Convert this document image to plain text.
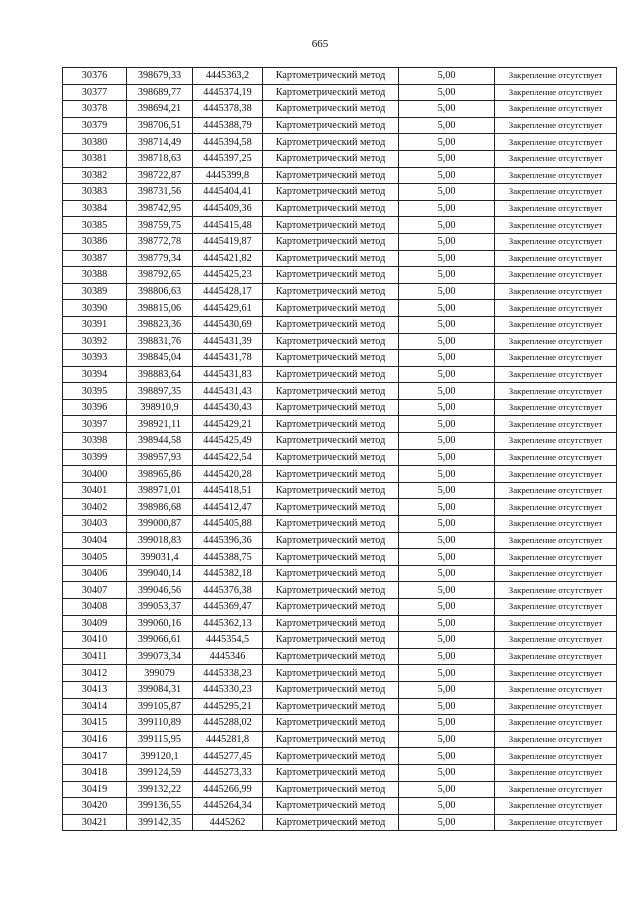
665
30376	398679,33	4445363,2	Картометрический метод	5,00	Закрепление отсутствует
30377	398689,77	4445374,19	Картометрический метод	5,00	Закрепление отсутствует
30378	398694,21	4445378,38	Картометрический метод	5,00	Закрепление отсутствует
30379	398706,51	4445388,79	Картометрический метод	5,00	Закрепление отсутствует
30380	398714,49	4445394,58	Картометрический метод	5,00	Закрепление отсутствует
30381	398718,63	4445397,25	Картометрический метод	5,00	Закрепление отсутствует
30382	398722,87	4445399,8	Картометрический метод	5,00	Закрепление отсутствует
30383	398731,56	4445404,41	Картометрический метод	5,00	Закрепление отсутствует
30384	398742,95	4445409,36	Картометрический метод	5,00	Закрепление отсутствует
30385	398759,75	4445415,48	Картометрический метод	5,00	Закрепление отсутствует
30386	398772,78	4445419,87	Картометрический метод	5,00	Закрепление отсутствует
30387	398779,34	4445421,82	Картометрический метод	5,00	Закрепление отсутствует
30388	398792,65	4445425,23	Картометрический метод	5,00	Закрепление отсутствует
30389	398806,63	4445428,17	Картометрический метод	5,00	Закрепление отсутствует
30390	398815,06	4445429,61	Картометрический метод	5,00	Закрепление отсутствует
30391	398823,36	4445430,69	Картометрический метод	5,00	Закрепление отсутствует
30392	398831,76	4445431,39	Картометрический метод	5,00	Закрепление отсутствует
30393	398845,04	4445431,78	Картометрический метод	5,00	Закрепление отсутствует
30394	398883,64	4445431,83	Картометрический метод	5,00	Закрепление отсутствует
30395	398897,35	4445431,43	Картометрический метод	5,00	Закрепление отсутствует
30396	398910,9	4445430,43	Картометрический метод	5,00	Закрепление отсутствует
30397	398921,11	4445429,21	Картометрический метод	5,00	Закрепление отсутствует
30398	398944,58	4445425,49	Картометрический метод	5,00	Закрепление отсутствует
30399	398957,93	4445422,54	Картометрический метод	5,00	Закрепление отсутствует
30400	398965,86	4445420,28	Картометрический метод	5,00	Закрепление отсутствует
30401	398971,01	4445418,51	Картометрический метод	5,00	Закрепление отсутствует
30402	398986,68	4445412,47	Картометрический метод	5,00	Закрепление отсутствует
30403	399000,87	4445405,88	Картометрический метод	5,00	Закрепление отсутствует
30404	399018,83	4445396,36	Картометрический метод	5,00	Закрепление отсутствует
30405	399031,4	4445388,75	Картометрический метод	5,00	Закрепление отсутствует
30406	399040,14	4445382,18	Картометрический метод	5,00	Закрепление отсутствует
30407	399046,56	4445376,38	Картометрический метод	5,00	Закрепление отсутствует
30408	399053,37	4445369,47	Картометрический метод	5,00	Закрепление отсутствует
30409	399060,16	4445362,13	Картометрический метод	5,00	Закрепление отсутствует
30410	399066,61	4445354,5	Картометрический метод	5,00	Закрепление отсутствует
30411	399073,34	4445346	Картометрический метод	5,00	Закрепление отсутствует
30412	399079	4445338,23	Картометрический метод	5,00	Закрепление отсутствует
30413	399084,31	4445330,23	Картометрический метод	5,00	Закрепление отсутствует
30414	399105,87	4445295,21	Картометрический метод	5,00	Закрепление отсутствует
30415	399110,89	4445288,02	Картометрический метод	5,00	Закрепление отсутствует
30416	399115,95	4445281,8	Картометрический метод	5,00	Закрепление отсутствует
30417	399120,1	4445277,45	Картометрический метод	5,00	Закрепление отсутствует
30418	399124,59	4445273,33	Картометрический метод	5,00	Закрепление отсутствует
30419	399132,22	4445266,99	Картометрический метод	5,00	Закрепление отсутствует
30420	399136,55	4445264,34	Картометрический метод	5,00	Закрепление отсутствует
30421	399142,35	4445262	Картометрический метод	5,00	Закрепление отсутствует
